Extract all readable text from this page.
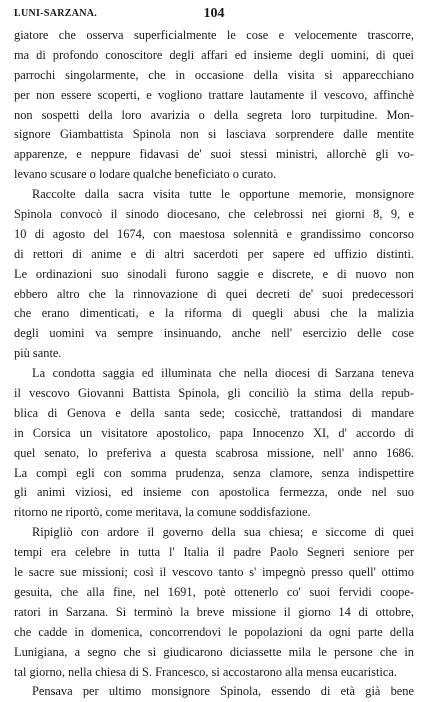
LUNI-SARZANA.	104
giatore che osserva superficialmente le cose e velocemente trascorre,
ma di profondo conoscitore degli affari ed insieme degli uomini, di quei
parrochi singolarmente, che in occasione della visita si apparecchiano
per non essere scoperti, e vogliono trattare lautamente il vescovo, affinchè
non sospetti della loro avarizia o della segreta loro turpitudine. Mon-
signore Giambattista Spinola non si lasciava sorprendere dalle mentite
apparenze, e neppure fidavasi de' suoi stessi ministri, allorchè gli vo-
levano scusare o lodare qualche beneficiato o curato.
Raccolte dalla sacra visita tutte le opportune memorie, monsignore
Spinola convocò il sinodo diocesano, che celebrossi nei giorni 8, 9, e
10 di agosto del 1674, con maestosa solennità e grandissimo concorso
di rettori di anime e di altri sacerdoti per sapere ed uffizio distinti.
Le ordinazioni suo sinodali furono saggie e discrete, e di nuovo non
ebbero altro che la rinnovazione di quei decreti de' suoi predecessori
che erano dimenticati, e la riforma di quegli abusi che la malizia
degli uomini va sempre insinuando, anche nell' esercizio delle cose
più sante.
La condotta saggia ed illuminata che nella diocesi di Sarzana teneva
il vescovo Giovanni Battista Spinola, gli conciliò la stima della repub-
blica di Genova e della santa sede; cosicchè, trattandosi di mandare
in Corsica un visitatore apostolico, papa Innocenzo XI, d' accordo di
quel senato, lo preferiva a questa scabrosa missione, nell' anno 1686.
La compì egli con somma prudenza, senza clamore, senza indispettire
gli animi viziosi, ed insieme con apostolica fermezza, onde nel suo
ritorno ne riportò, come meritava, la comune soddisfazione.
Ripigliò con ardore il governo della sua chiesa; e siccome di quei
tempi era celebre in tutta l' Italia il padre Paolo Segneri seniore per
le sacre sue missioni; così il vescovo tanto s' impegnò presso quell' ottimo
gesuita, che alla fine, nel 1691, potè ottenerlo co' suoi fervidi coope-
ratori in Sarzana. Si terminò la breve missione il giorno 14 di ottobre,
che cadde in domenica, concorrendovi le popolazioni da ogni parte della
Lunigiana, a segno che si giudicarono diciassette mila le persone che in
tal giorno, nella chiesa di S. Francesco, si accostarono alla mensa eucaristica.
Pensava per ultimo monsignore Spinola, essendo di età già bene
